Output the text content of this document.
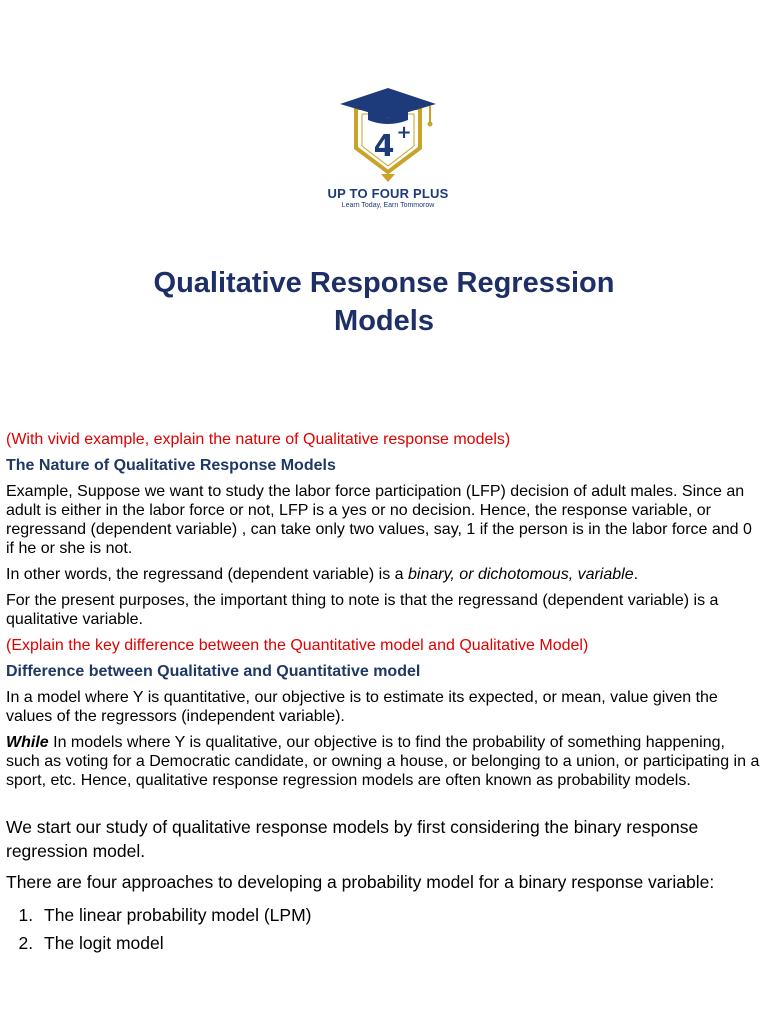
4 +
UP TO FOUR PLUS
Learn Today, Earn Tommorow
Qualitative Response Regression
Models

(With vivid example, explain the nature of Qualitative response models)

The Nature of Qualitative Response Models

Example, Suppose we want to study the labor force participation (LFP) decision of adult males. Since an adult is either in the labor force or not, LFP is a yes or no decision. Hence, the response variable, or regressand (dependent variable) , can take only two values, say, 1 if the person is in the labor force and 0 if he or she is not.

In other words, the regressand (dependent variable) is a binary, or dichotomous, variable.

For the present purposes, the important thing to note is that the regressand (dependent variable) is a qualitative variable.

(Explain the key difference between the Quantitative model and Qualitative Model)

Difference between Qualitative and Quantitative model

In a model where Y is quantitative, our objective is to estimate its expected, or mean, value given the values of the regressors (independent variable).

While In models where Y is qualitative, our objective is to find the probability of something happening, such as voting for a Democratic candidate, or owning a house, or belonging to a union, or participating in a sport, etc. Hence, qualitative response regression models are often known as probability models.

We start our study of qualitative response models by first considering the binary response regression model.

There are four approaches to developing a probability model for a binary response variable:

1. The linear probability model (LPM)
2. The logit model
